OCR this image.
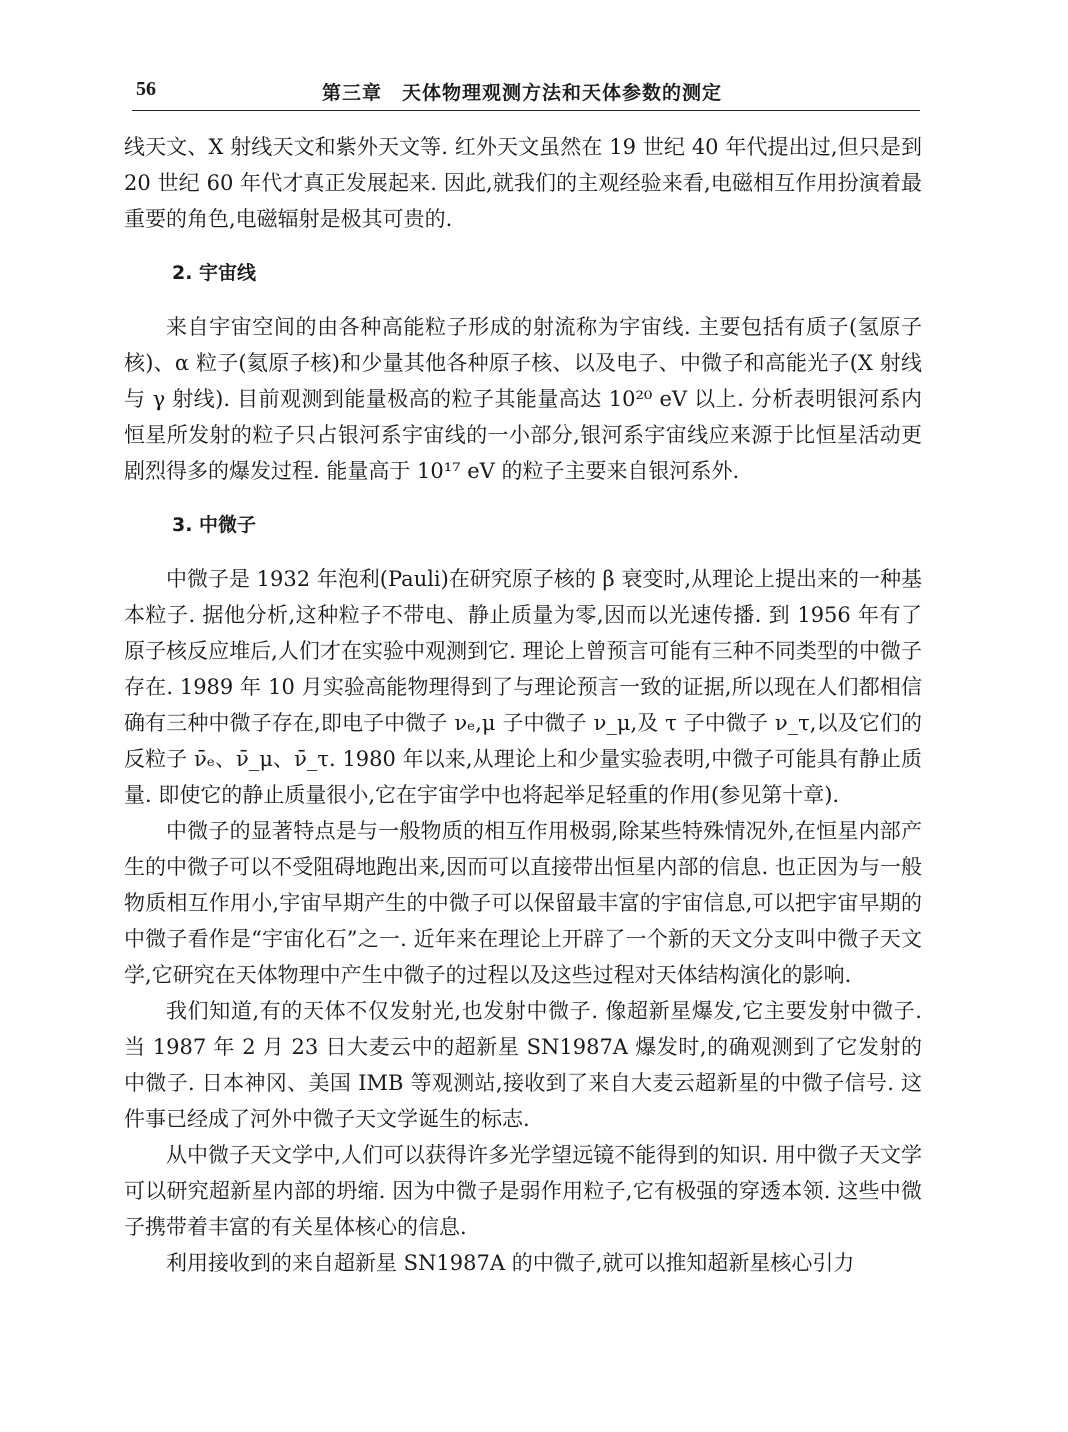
56	第三章　天体物理观测方法和天体参数的测定

线天文、X 射线天文和紫外天文等. 红外天文虽然在 19 世纪 40 年代提出过,但只是到 20 世纪 60 年代才真正发展起来. 因此,就我们的主观经验来看,电磁相互作用扮演着最重要的角色,电磁辐射是极其可贵的.

2. 宇宙线

来自宇宙空间的由各种高能粒子形成的射流称为宇宙线. 主要包括有质子(氢原子核)、α 粒子(氦原子核)和少量其他各种原子核、以及电子、中微子和高能光子(X 射线与 γ 射线). 目前观测到能量极高的粒子其能量高达 10²⁰ eV 以上. 分析表明银河系内恒星所发射的粒子只占银河系宇宙线的一小部分,银河系宇宙线应来源于比恒星活动更剧烈得多的爆发过程. 能量高于 10¹⁷ eV 的粒子主要来自银河系外.

3. 中微子

中微子是 1932 年泡利(Pauli)在研究原子核的 β 衰变时,从理论上提出来的一种基本粒子. 据他分析,这种粒子不带电、静止质量为零,因而以光速传播. 到 1956 年有了原子核反应堆后,人们才在实验中观测到它. 理论上曾预言可能有三种不同类型的中微子存在. 1989 年 10 月实验高能物理得到了与理论预言一致的证据,所以现在人们都相信确有三种中微子存在,即电子中微子 νₑ,μ 子中微子 ν_μ,及 τ 子中微子 ν_τ,以及它们的反粒子 ν̄ₑ、ν̄_μ、ν̄_τ. 1980 年以来,从理论上和少量实验表明,中微子可能具有静止质量. 即使它的静止质量很小,它在宇宙学中也将起举足轻重的作用(参见第十章).

中微子的显著特点是与一般物质的相互作用极弱,除某些特殊情况外,在恒星内部产生的中微子可以不受阻碍地跑出来,因而可以直接带出恒星内部的信息. 也正因为与一般物质相互作用小,宇宙早期产生的中微子可以保留最丰富的宇宙信息,可以把宇宙早期的中微子看作是“宇宙化石”之一. 近年来在理论上开辟了一个新的天文分支叫中微子天文学,它研究在天体物理中产生中微子的过程以及这些过程对天体结构演化的影响.

我们知道,有的天体不仅发射光,也发射中微子. 像超新星爆发,它主要发射中微子. 当 1987 年 2 月 23 日大麦云中的超新星 SN1987A 爆发时,的确观测到了它发射的中微子. 日本神冈、美国 IMB 等观测站,接收到了来自大麦云超新星的中微子信号. 这件事已经成了河外中微子天文学诞生的标志.

从中微子天文学中,人们可以获得许多光学望远镜不能得到的知识. 用中微子天文学可以研究超新星内部的坍缩. 因为中微子是弱作用粒子,它有极强的穿透本领. 这些中微子携带着丰富的有关星体核心的信息.

利用接收到的来自超新星 SN1987A 的中微子,就可以推知超新星核心引力
